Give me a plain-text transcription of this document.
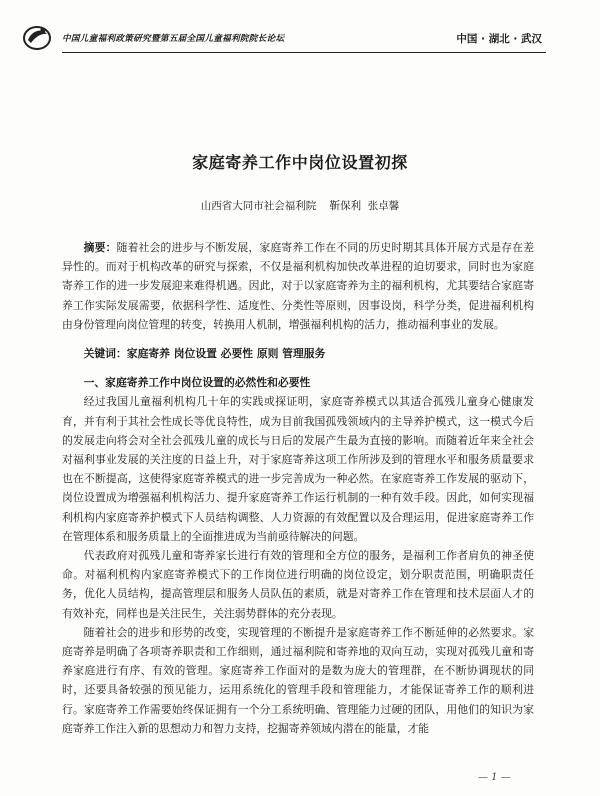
中国儿童福利政策研究暨第五届全国儿童福利院院长论坛	中国 · 湖北 · 武汉
家庭寄养工作中岗位设置初探
山西省大同市社会福利院    靳保利  张卓馨

摘要：随着社会的进步与不断发展，家庭寄养工作在不同的历史时期其具体开展方式是存在差异性的。而对于机构改革的研究与探索，不仅是福利机构加快改革进程的迫切要求，同时也为家庭寄养工作的进一步发展迎来难得机遇。因此，对于以家庭寄养为主的福利机构，尤其要结合家庭寄养工作实际发展需要，依据科学性、适度性、分类性等原则，因事设岗，科学分类，促进福利机构由身份管理向岗位管理的转变，转换用人机制，增强福利机构的活力，推动福利事业的发展。

关键词：家庭寄养 岗位设置 必要性 原则 管理服务

一、家庭寄养工作中岗位设置的必然性和必要性

经过我国儿童福利机构几十年的实践或探证明，家庭寄养模式以其适合孤残儿童身心健康发育，并有利于其社会性成长等优良特性，成为目前我国孤残领域内的主导养护模式，这一模式今后的发展走向将会对全社会孤残儿童的成长与日后的发展产生最为直接的影响。而随着近年来全社会对福利事业发展的关注度的日益上升，对于家庭寄养这项工作所涉及到的管理水平和服务质量要求也在不断提高，这使得家庭寄养模式的进一步完善成为一种必然。在家庭寄养工作发展的驱动下，岗位设置成为增强福利机构活力、提升家庭寄养工作运行机制的一种有效手段。因此，如何实现福利机构内家庭寄养护模式下人员结构调整、人力资源的有效配置以及合理运用，促进家庭寄养工作在管理体系和服务质量上的全面推进成为当前亟待解决的问题。

代表政府对孤残儿童和寄养家长进行有效的管理和全方位的服务，是福利工作者肩负的神圣使命。对福利机构内家庭寄养模式下的工作岗位进行明确的岗位设定，划分职责范围，明确职责任务，优化人员结构，提高管理层和服务人员队伍的素质，就是对寄养工作在管理和技术层面人才的有效补充，同样也是关注民生，关注弱势群体的充分表现。

随着社会的进步和形势的改变，实现管理的不断提升是家庭寄养工作不断延伸的必然要求。家庭寄养是明确了各项寄养职责和工作细则，通过福利院和寄养地的双向互动，实现对孤残儿童和寄养家庭进行有序、有效的管理。家庭寄养工作面对的是数为庞大的管理群，在不断协调现状的同时，还要具备较强的预见能力，运用系统化的管理手段和管理能力，才能保证寄养工作的顺利进行。家庭寄养工作需要始终保证拥有一个分工系统明确、管理能力过硬的团队，用他们的知识为家庭寄养工作注入新的思想动力和智力支持，挖掘寄养领域内潜在的能量，才能

— 1 —
